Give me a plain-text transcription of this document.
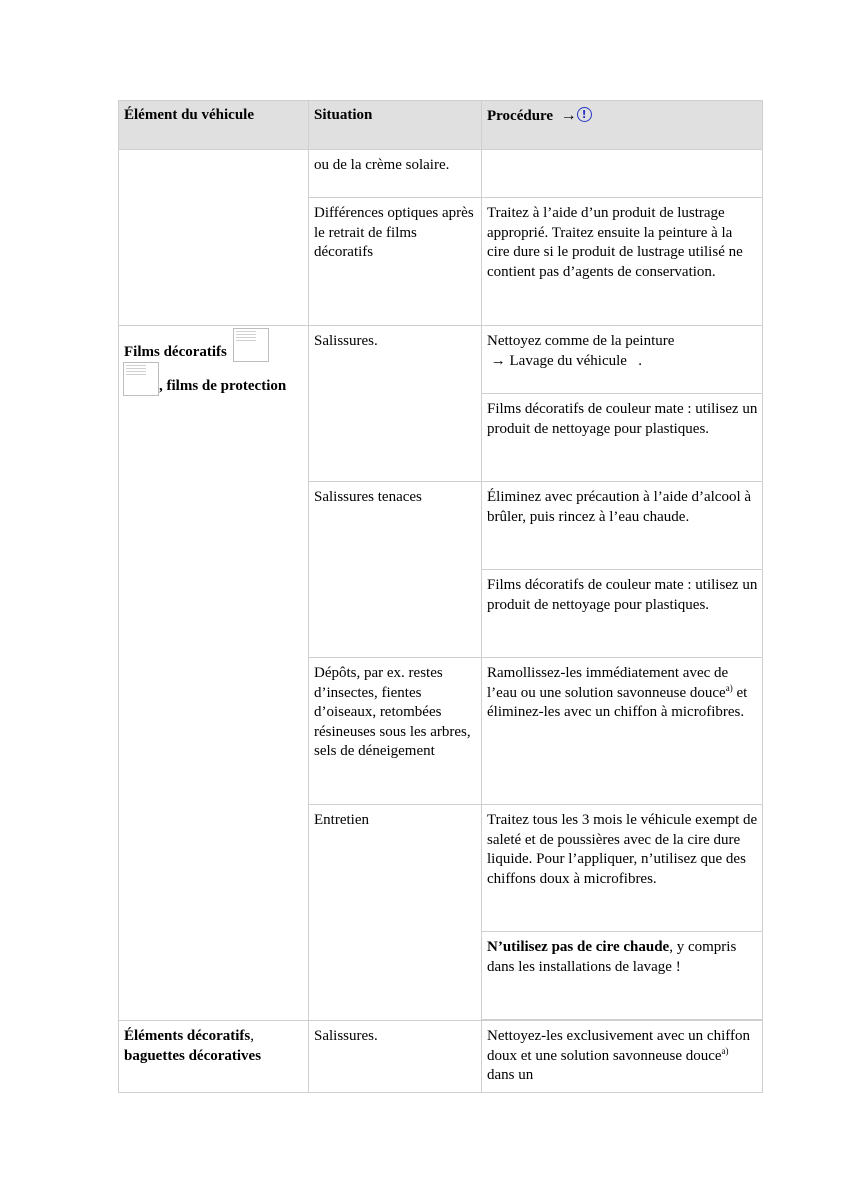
Élément du véhicule	Situation	Procédure → !

	ou de la crème solaire.	

	Différences optiques après le retrait de films décoratifs	Traitez à l’aide d’un produit de lustrage approprié. Traitez ensuite la peinture à la cire dure si le produit de lustrage utilisé ne contient pas d’agents de conservation.

Films décoratifs

, films de protection	Salissures.	Nettoyez comme de la peinture
→ Lavage du véhicule .

		Films décoratifs de couleur mate : utilisez un produit de nettoyage pour plastiques.

	Salissures tenaces	Éliminez avec précaution à l’aide d’alcool à brûler, puis rincez à l’eau chaude.

		Films décoratifs de couleur mate : utilisez un produit de nettoyage pour plastiques.

	Dépôts, par ex. restes d’insectes, fientes d’oiseaux, retombées résineuses sous les arbres, sels de déneigement	Ramollissez-les immédiatement avec de l’eau ou une solution savonneuse douce$^{a)}$ et éliminez-les avec un chiffon à microfibres.

	Entretien	Traitez tous les 3 mois le véhicule exempt de saleté et de poussières avec de la cire dure liquide. Pour l’appliquer, n’utilisez que des chiffons doux à microfibres.

		N’utilisez pas de cire chaude, y compris dans les installations de lavage !

Éléments décoratifs,
baguettes décoratives	Salissures.	Nettoyez-les exclusivement avec un chiffon doux et une solution savonneuse douce$^{a)}$ dans un
